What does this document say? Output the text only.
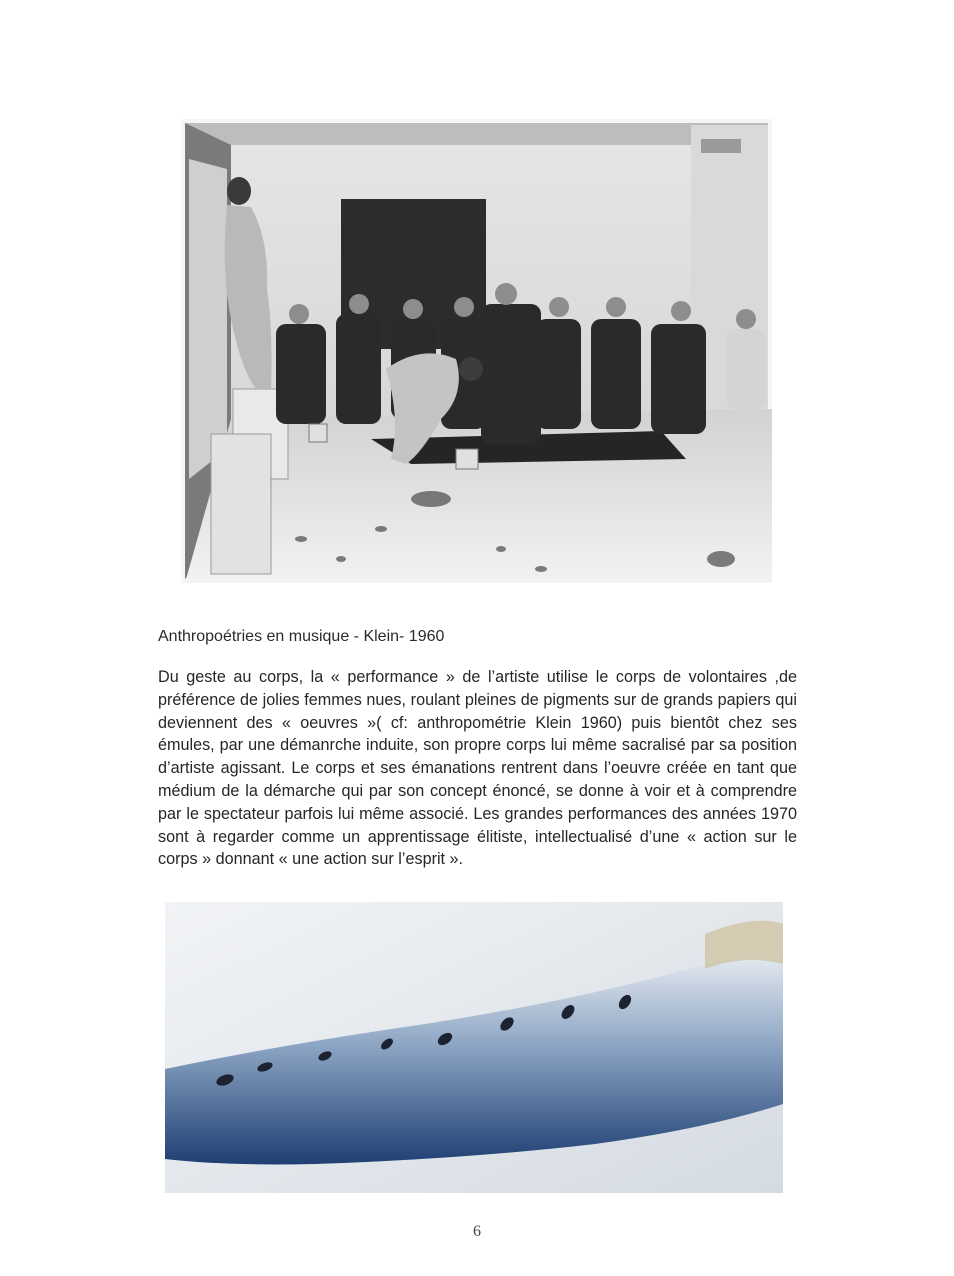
Anthropoétries en musique - Klein- 1960
Du geste au corps, la « performance » de l’artiste utilise le corps de volontaires ,de préférence de jolies femmes nues, roulant pleines de pigments sur de grands papiers qui deviennent des « oeuvres »( cf: anthropométrie Klein 1960) puis bientôt chez ses émules, par une démanrche induite, son propre corps lui même sacralisé par sa position d’artiste agissant. Le corps et ses émanations rentrent dans l’oeuvre créée en tant que médium de la démarche qui par son concept énoncé, se donne à voir et à comprendre par le spectateur parfois lui même associé. Les grandes performances des années 1970 sont à regarder comme un apprentissage élitiste, intellectualisé d’une « action sur le corps » donnant « une action sur l’esprit ».
6
